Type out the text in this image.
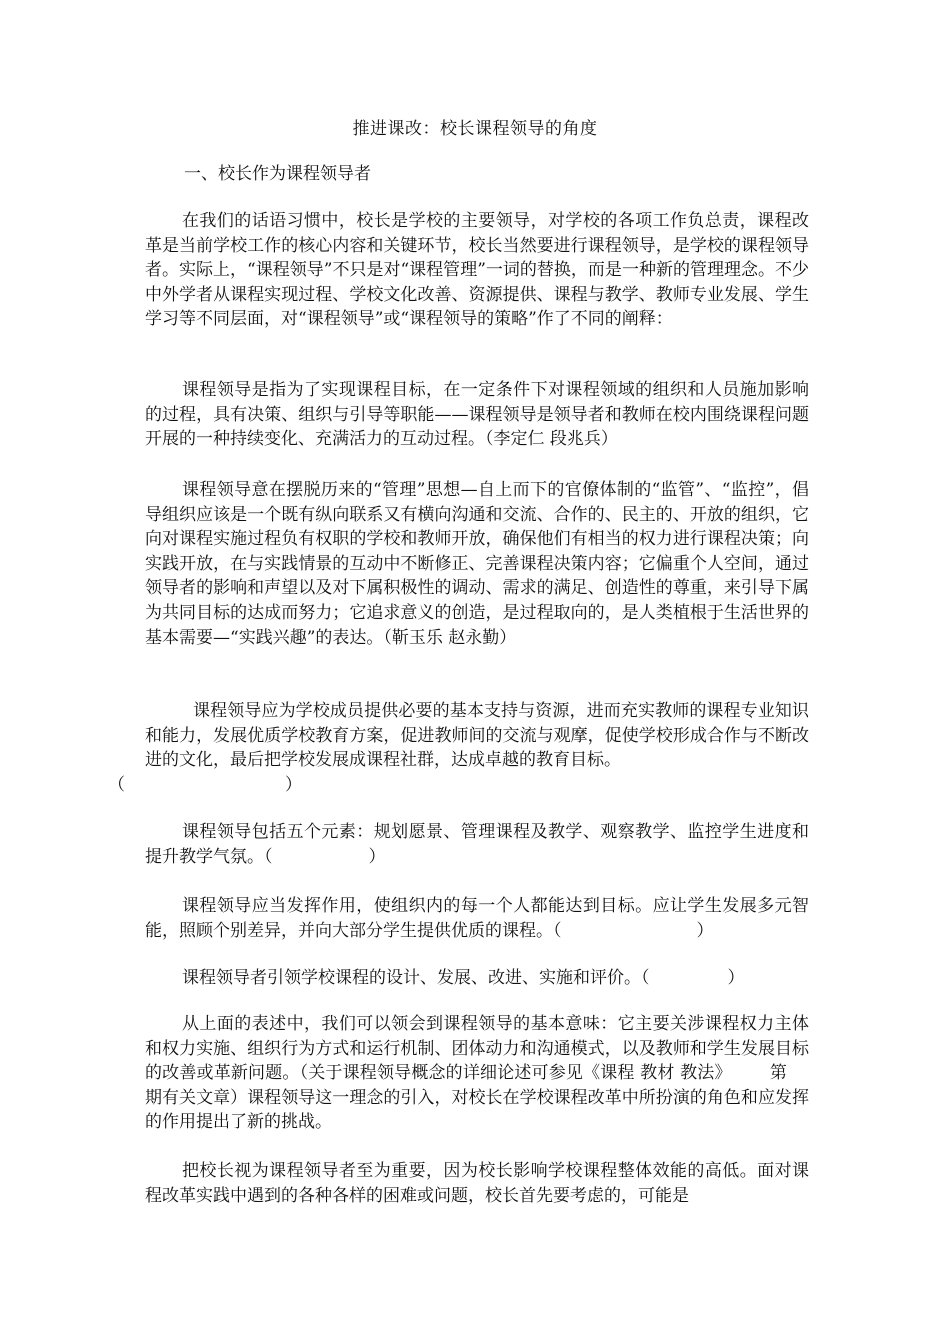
推进课改：校长课程领导的角度
一、校长作为课程领导者

在我们的话语习惯中，校长是学校的主要领导，对学校的各项工作负总责，课程改革是当前学校工作的核心内容和关键环节，校长当然要进行课程领导，是学校的课程领导者。实际上，“课程领导”不只是对“课程管理”一词的替换，而是一种新的管理理念。不少中外学者从课程实现过程、学校文化改善、资源提供、课程与教学、教师专业发展、学生学习等不同层面，对“课程领导”或“课程领导的策略”作了不同的阐释：

课程领导是指为了实现课程目标，在一定条件下对课程领域的组织和人员施加影响的过程，具有决策、组织与引导等职能——课程领导是领导者和教师在校内围绕课程问题开展的一种持续变化、充满活力的互动过程。（李定仁 段兆兵）

课程领导意在摆脱历来的“管理”思想—自上而下的官僚体制的“监管”、“监控”，倡导组织应该是一个既有纵向联系又有横向沟通和交流、合作的、民主的、开放的组织，它向对课程实施过程负有权职的学校和教师开放，确保他们有相当的权力进行课程决策；向实践开放，在与实践情景的互动中不断修正、完善课程决策内容；它偏重个人空间，通过领导者的影响和声望以及对下属积极性的调动、需求的满足、创造性的尊重，来引导下属为共同目标的达成而努力；它追求意义的创造，是过程取向的，是人类植根于生活世界的基本需要—“实践兴趣”的表达。（靳玉乐 赵永勤）

课程领导应为学校成员提供必要的基本支持与资源，进而充实教师的课程专业知识和能力，发展优质学校教育方案，促进教师间的交流与观摩，促使学校形成合作与不断改进的文化，最后把学校发展成课程社群，达成卓越的教育目标。
（	）

课程领导包括五个元素：规划愿景、管理课程及教学、观察教学、监控学生进度和提升教学气氛。（	）

课程领导应当发挥作用，使组织内的每一个人都能达到目标。应让学生发展多元智能，照顾个别差异，并向大部分学生提供优质的课程。（	）

课程领导者引领学校课程的设计、发展、改进、实施和评价。（	）

从上面的表述中，我们可以领会到课程领导的基本意味：它主要关涉课程权力主体和权力实施、组织行为方式和运行机制、团体动力和沟通模式，以及教师和学生发展目标的改善或革新问题。（关于课程领导概念的详细论述可参见《课程 教材 教法》 第期有关文章）课程领导这一理念的引入，对校长在学校课程改革中所扮演的角色和应发挥的作用提出了新的挑战。

把校长视为课程领导者至为重要，因为校长影响学校课程整体效能的高低。面对课程改革实践中遇到的各种各样的困难或问题，校长首先要考虑的，可能是
